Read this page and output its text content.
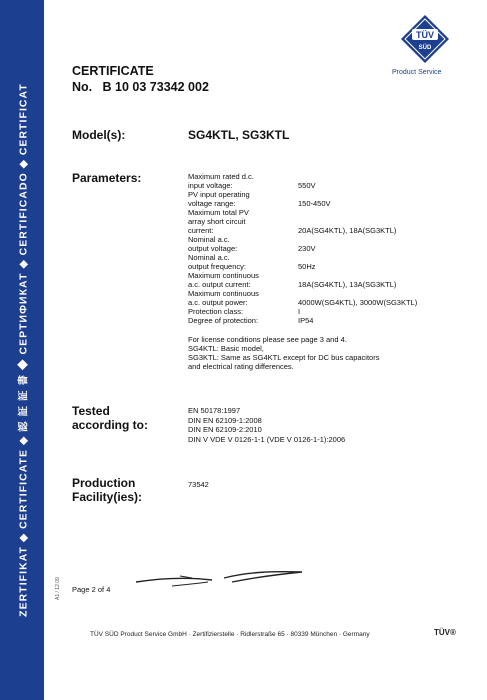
ZERTIFIKAT ◆ CERTIFICATE ◆ 認 証 証 書 ◆ СЕРТИФИКАТ ◆ CERTIFICADO ◆ CERTIFICAT	A1 / 12.09
CERTIFICATE
No.   B 10 03 73342 002
TÜV
SÜD
Product Service
Model(s):	SG4KTL, SG3KTL
Parameters:	Maximum rated d.c.
input voltage:	550V
PV input operating
voltage range:	150-450V
Maximum total PV
array short circuit
current:	20A(SG4KTL), 18A(SG3KTL)
Nominal a.c.
output voltage:	230V
Nominal a.c.
output frequency:	50Hz
Maximum continuous
a.c. output current:	18A(SG4KTL), 13A(SG3KTL)
Maximum continuous
a.c. output power:	4000W(SG4KTL), 3000W(SG3KTL)
Protection class:	I
Degree of protection:	IP54
For license conditions please see page 3 and 4.
SG4KTL: Basic model,
SG3KTL: Same as SG4KTL except for DC bus capacitors
and electrical rating differences.
Tested
according to:
EN 50178:1997
DIN EN 62109-1:2008
DIN EN 62109-2:2010
DIN V VDE V 0126-1-1 (VDE V 0126-1-1):2006
Production
Facility(ies):
73542
Page 2 of 4
TÜV SÜD Product Service GmbH · Zertifizierstelle · Ridlerstraße 65 · 80339 München · Germany	TÜV®
